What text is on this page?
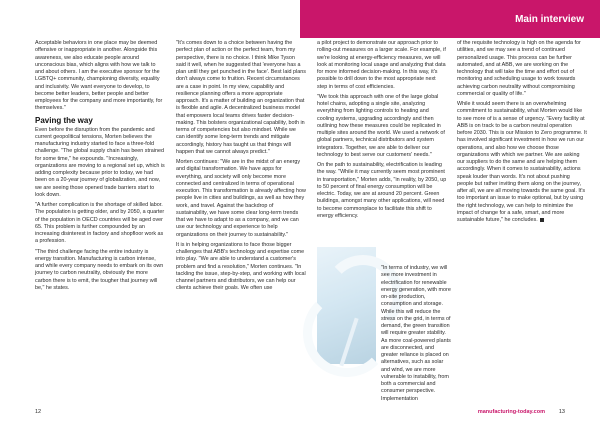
Main interview

Acceptable behaviors in one place may be deemed offensive or inappropriate in another. Alongside this awareness, we also educate people around unconscious bias, which aligns with how we talk to and about others. I am the executive sponsor for the LGBTQ+ community, championing diversity, equality and inclusivity. We want everyone to develop, to become better leaders, better people and better employees for the company and more importantly, for themselves."

Paving the way

Even before the disruption from the pandemic and current geopolitical tensions, Morten believes the manufacturing industry started to face a three-fold challenge. "The global supply chain has been strained for some time," he expounds. "Increasingly, organizations are moving to a regional set up, which is adding complexity because prior to today, we had been on a 20-year journey of globalization, and now, we are seeing those opened trade barriers start to look down.

"A further complication is the shortage of skilled labor. The population is getting older, and by 2050, a quarter of the population in OECD countries will be aged over 65. This problem is further compounded by an increasing disinterest in factory and shopfloor work as a profession.

"The third challenge facing the entire industry is energy transition. Manufacturing is carbon intense, and while every company needs to embark on its own journey to carbon neutrality, obviously the more carbon there is to emit, the tougher that journey will be," he states.

"It's comes down to a choice between having the perfect plan of action or the perfect team, from my perspective, there is no choice. I think Mike Tyson said it well, when he suggested that 'everyone has a plan until they get punched in the face'. Best laid plans don't always come to fruition. Recent circumstances are a case in point. In my view, capability and resilience planning offers a more appropriate approach. It's a matter of building an organization that is flexible and agile. A decentralized business model that empowers local teams drives faster decision-making. This bolsters organizational capability, both in terms of competencies but also mindset. While we can identify some long-term trends and mitigate accordingly, history has taught us that things will happen that we cannot always predict."

Morten continues: "We are in the midst of an energy and digital transformation. We have apps for everything, and society will only become more connected and centralized in terms of operational execution. This transformation is already affecting how people live in cities and buildings, as well as how they work, and travel. Against the backdrop of sustainability, we have some clear long-term trends that we have to adapt to as a company, and we can use our technology and experience to help organizations on their journey to sustainability."

It is in helping organizations to face those bigger challenges that ABB's technology and expertise come into play. "We are able to understand a customer's problem and find a resolution," Morten continues. "In tackling the issue, step-by-step, and working with local channel partners and distributors, we can help our clients achieve their goals. We often use

a pilot project to demonstrate our approach prior to rolling-out measures on a larger scale. For example, if we're looking at energy-efficiency measures, we will look at monitoring local usage and analyzing that data for more informed decision-making. In this way, it's possible to drill down to the most appropriate next step in terms of cost efficiencies.

"We took this approach with one of the large global hotel chains, adopting a single site, analyzing everything from lighting controls to heating and cooling systems, upgrading accordingly and then outlining how these measures could be replicated in multiple sites around the world. We used a network of global partners, technical distributors and system integrators. Together, we are able to deliver our technology to best serve our customers' needs."

On the path to sustainability, electrification is leading the way. "While it may currently seem most prominent in transportation," Morten adds, "in reality, by 2050, up to 50 percent of final energy consumption will be electric. Today, we are at around 20 percent. Green buildings, amongst many other applications, will need to become commonplace to facilitate this shift to energy efficiency.

"In terms of industry, we will see more investment in electrification for renewable energy generation, with more on-site production, consumption and storage. While this will reduce the stress on the grid, in terms of demand, the green transition will require greater stability. As more coal-powered plants are disconnected, and greater reliance is placed on alternatives, such as solar and wind, we are more vulnerable to instability, from both a commercial and consumer perspective. Implementation

of the requisite technology is high on the agenda for utilities, and we may see a trend of continued personalized usage. This process can be further automated, and at ABB, we are working on the technology that will take the time and effort out of monitoring and scheduling usage to work towards achieving carbon neutrality without compromising commercial or quality of life."

While it would seem there is an overwhelming commitment to sustainability, what Morten would like to see more of is a sense of urgency. "Every facility at ABB is on track to be a carbon neutral operation before 2030. This is our Mission to Zero programme. It has involved significant investment in how we run our operations, and also how we choose those organizations with which we partner. We are asking our suppliers to do the same and are helping them accordingly. When it comes to sustainability, actions speak louder than words. It's not about pushing people but rather inviting them along on the journey, after all, we are all moving towards the same goal. It's too important an issue to make optional, but by using the right technology, we can help to minimize the impact of change for a safe, smart, and more sustainable future," he concludes.

12	manufacturing-today.com	13
